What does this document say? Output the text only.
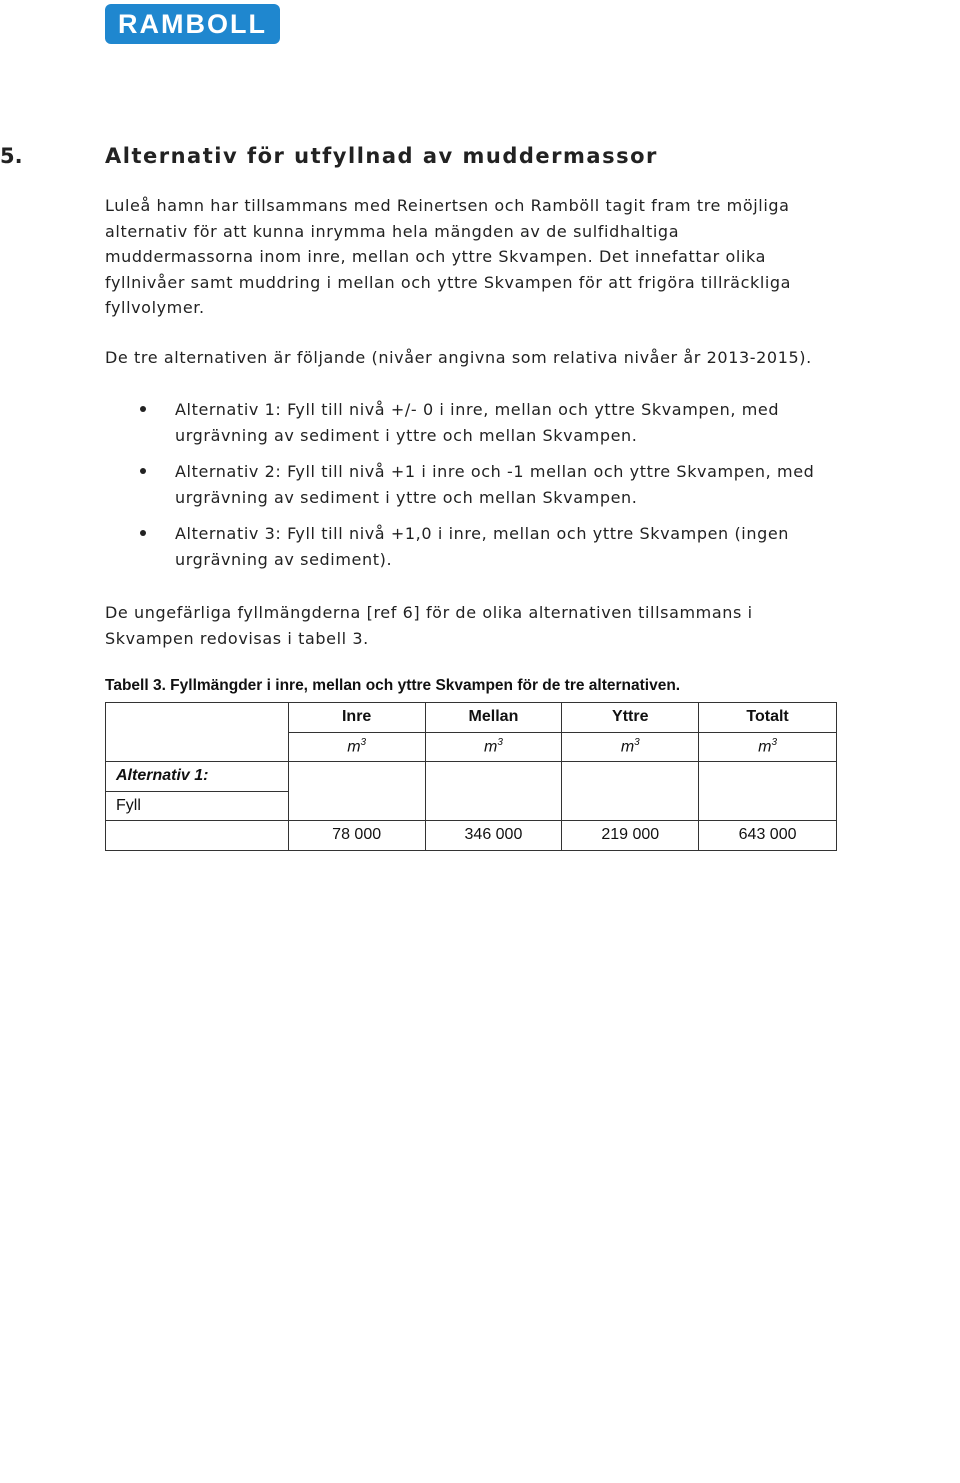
RAMBOLL
5.	Alternativ för utfyllnad av muddermassor

Luleå hamn har tillsammans med Reinertsen och Ramböll tagit fram tre möjliga
alternativ för att kunna inrymma hela mängden av de sulfidhaltiga
muddermassorna inom inre, mellan och yttre Skvampen. Det innefattar olika
fyllnivåer samt muddring i mellan och yttre Skvampen för att frigöra tillräckliga
fyllvolymer.

De tre alternativen är följande (nivåer angivna som relativa nivåer år 2013-2015).

Alternativ 1: Fyll till nivå +/- 0 i inre, mellan och yttre Skvampen, med
urgrävning av sediment i yttre och mellan Skvampen.
Alternativ 2: Fyll till nivå +1 i inre och -1 mellan och yttre Skvampen, med
urgrävning av sediment i yttre och mellan Skvampen.
Alternativ 3: Fyll till nivå +1,0 i inre, mellan och yttre Skvampen (ingen
urgrävning av sediment).

De ungefärliga fyllmängderna [ref 6] för de olika alternativen tillsammans i
Skvampen redovisas i tabell 3.

Tabell 3. Fyllmängder i inre, mellan och yttre Skvampen för de tre alternativen.
	Inre	Mellan	Yttre	Totalt
	$m^3$	$m^3$	$m^3$	$m^3$
Alternativ 1:				
Fyll				
	78 000	346 000	219 000	643 000
